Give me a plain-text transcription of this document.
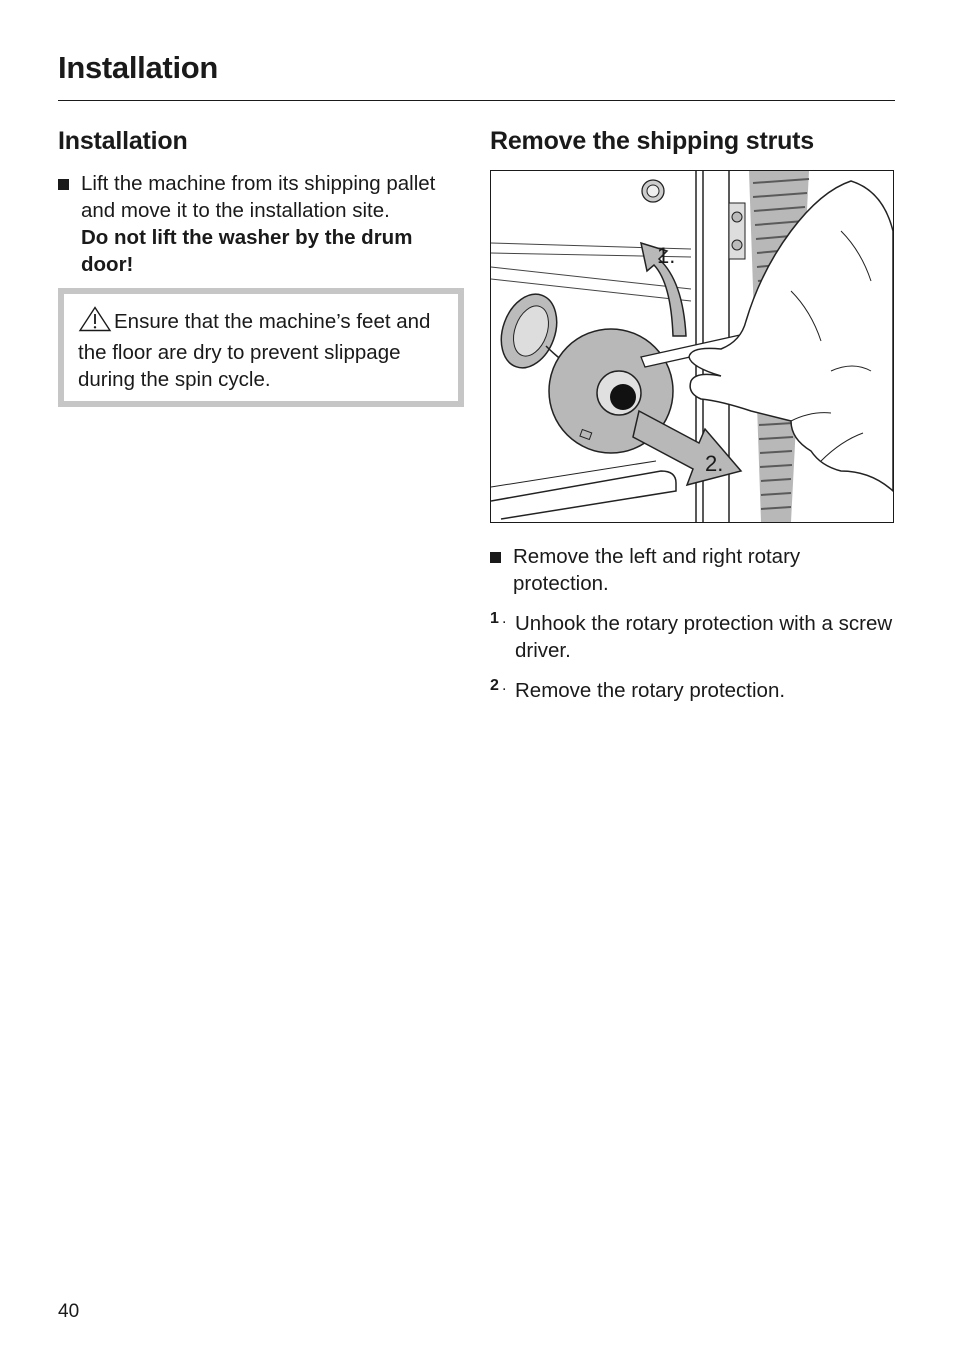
Installation
Installation

Lift the machine from its shipping pallet and move it to the installation site.

Do not lift the washer by the drum door!

Ensure that the machine’s feet and the floor are dry to prevent slippage during the spin cycle.

Remove the shipping struts
1.
2.

Remove the left and right rotary protection.

1 . Unhook the rotary protection with a screw driver.

2 . Remove the rotary protection.

40
